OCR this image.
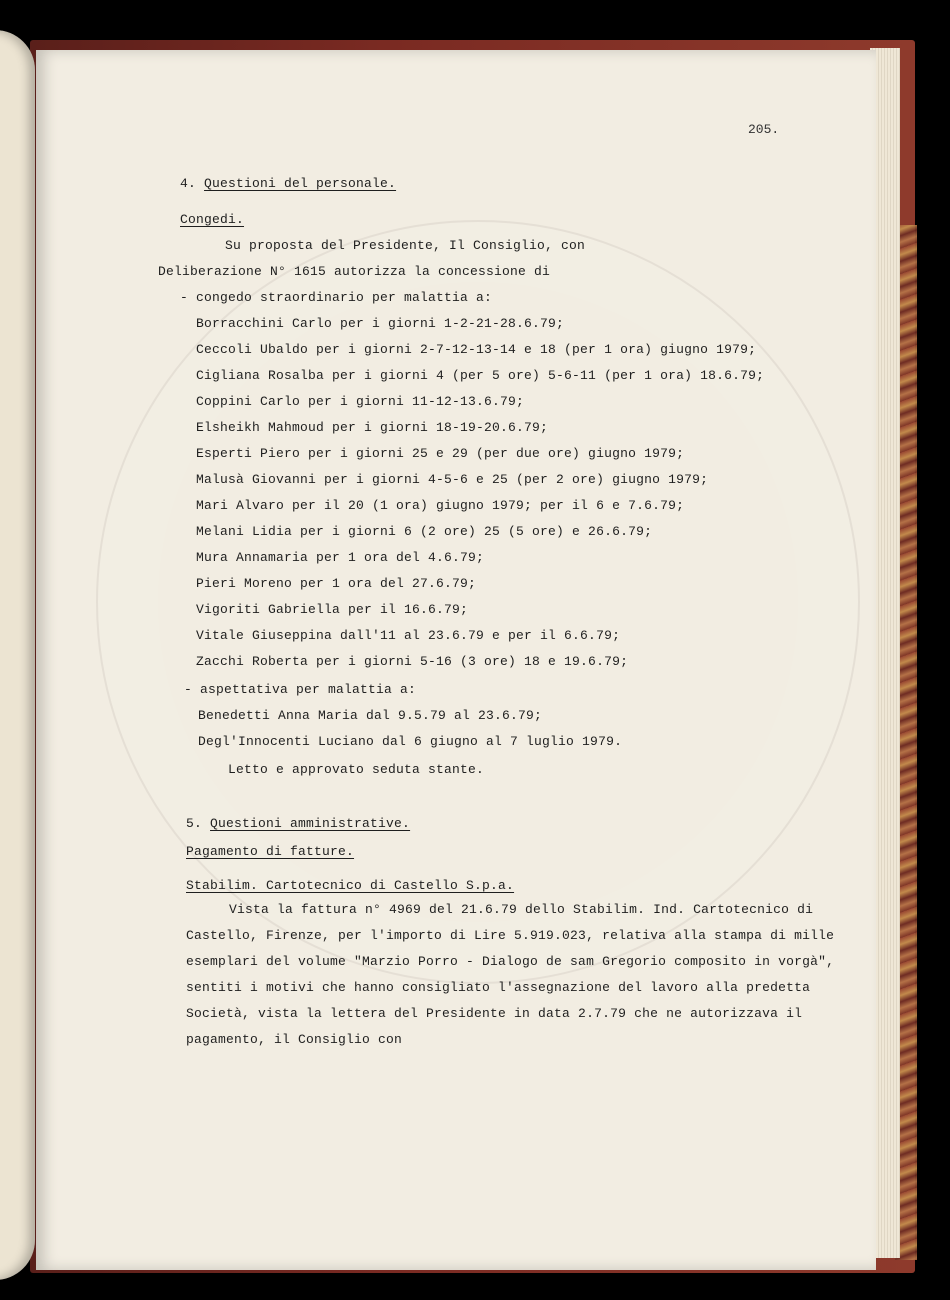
205.
4. Questioni del personale.
Congedi.
Su proposta del Presidente, Il Consiglio, con
Deliberazione N° 1615 autorizza la concessione di
- congedo straordinario per malattia a:
Borracchini Carlo per i giorni 1-2-21-28.6.79;
Ceccoli Ubaldo per i giorni 2-7-12-13-14 e 18 (per 1 ora) giugno 1979;
Cigliana Rosalba per i giorni 4 (per 5 ore) 5-6-11 (per 1 ora) 18.6.79;
Coppini Carlo per i giorni 11-12-13.6.79;
Elsheikh Mahmoud per i giorni 18-19-20.6.79;
Esperti Piero per i giorni 25 e 29 (per due ore) giugno 1979;
Malusà Giovanni per i giorni 4-5-6 e 25 (per 2 ore) giugno 1979;
Mari Alvaro per il 20 (1 ora) giugno 1979; per il 6 e 7.6.79;
Melani Lidia per i giorni 6 (2 ore) 25 (5 ore) e 26.6.79;
Mura Annamaria per 1 ora del 4.6.79;
Pieri Moreno per 1 ora del 27.6.79;
Vigoriti Gabriella per il 16.6.79;
Vitale Giuseppina dall'11 al 23.6.79 e per il 6.6.79;
Zacchi Roberta per i giorni 5-16 (3 ore) 18 e 19.6.79;
- aspettativa per malattia a:
Benedetti Anna Maria dal 9.5.79 al 23.6.79;
Degl'Innocenti Luciano dal 6 giugno al 7 luglio 1979.
Letto e approvato seduta stante.
5. Questioni amministrative.
Pagamento di fatture.
Stabilim. Cartotecnico di Castello S.p.a.
Vista la fattura n° 4969 del 21.6.79 dello Stabilim. Ind. Cartotecnico di
Castello, Firenze, per l'importo di Lire 5.919.023, relativa alla stampa di mille
esemplari del volume "Marzio Porro - Dialogo de sam Gregorio composito in vorgà",
sentiti i motivi che hanno consigliato l'assegnazione del lavoro alla predetta
Società, vista la lettera del Presidente in data 2.7.79 che ne autorizzava il
pagamento, il Consiglio con
